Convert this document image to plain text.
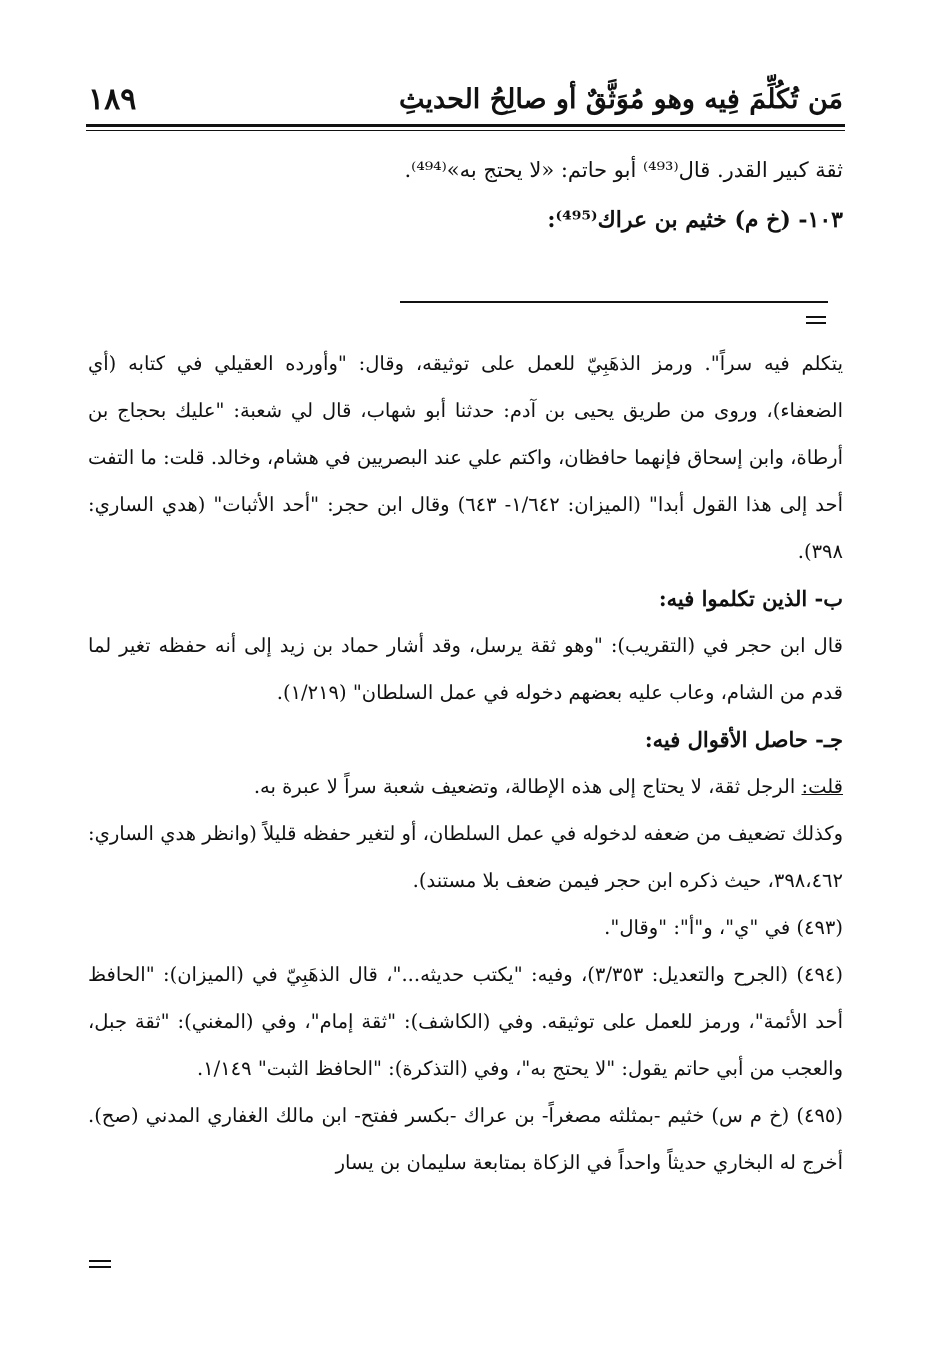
مَن تُكُلِّمَ فِيه وهو مُوَثَّقٌ أو صالِحُ الحديثِ
١٨٩
ثقة كبير القدر. قال⁽⁴⁹³⁾ أبو حاتم: «لا يحتج به»⁽⁴⁹⁴⁾.
١٠٣- (خ م) خثيم بن عراك⁽⁴⁹⁵⁾:

يتكلم فيه سراً". ورمز الذهَبِيّ للعمل على توثيقه، وقال: "وأورده العقيلي في كتابه (أي الضعفاء)، وروى من طريق يحيى بن آدم: حدثنا أبو شهاب، قال لي شعبة: "عليك بحجاج بن أرطاة، وابن إسحاق فإنهما حافظان، واكتم علي عند البصريين في هشام، وخالد. قلت: ما التفت أحد إلى هذا القول أبدا" (الميزان: ١/٦٤٢- ٦٤٣) وقال ابن حجر: "أحد الأثبات" (هدي الساري: ٣٩٨).

ب- الذين تكلموا فيه:

قال ابن حجر في (التقريب): "وهو ثقة يرسل، وقد أشار حماد بن زيد إلى أنه حفظه تغير لما قدم من الشام، وعاب عليه بعضهم دخوله في عمل السلطان" (١/٢١٩).

جـ- حاصل الأقوال فيه:

قلت: الرجل ثقة، لا يحتاج إلى هذه الإطالة، وتضعيف شعبة سراً لا عبرة به.

وكذلك تضعيف من ضعفه لدخوله في عمل السلطان، أو لتغير حفظه قليلاً (وانظر هدي الساري: ٣٩٨،٤٦٢، حيث ذكره ابن حجر فيمن ضعف بلا مستند).

(٤٩٣) في "ي"، و"أ": "وقال".

(٤٩٤) (الجرح والتعديل: ٣/٣٥٣)، وفيه: "يكتب حديثه..."، قال الذهَبِيّ في (الميزان): "الحافظ أحد الأئمة"، ورمز للعمل على توثيقه. وفي (الكاشف): "ثقة إمام"، وفي (المغني): "ثقة جبل، والعجب من أبي حاتم يقول: "لا يحتج به"، وفي (التذكرة): "الحافظ الثبت" ١/١٤٩.

(٤٩٥) (خ م س) خثيم -بمثلثه مصغراً- بن عراك -بكسر ففتح- ابن مالك الغفاري المدني (صح). أخرج له البخاري حديثاً واحداً في الزكاة بمتابعة سليمان بن يسار
